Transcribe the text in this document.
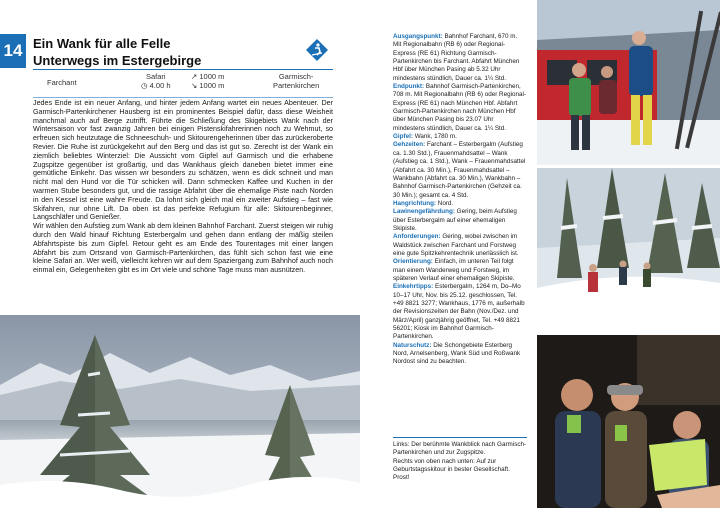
14 Ein Wank für alle Felle
Unterwegs im Estergebirge
Farchant
Safari
◷ 4.00 h
↗ 1000 m
↘ 1000 m
Garmisch-
Partenkirchen

Jedes Ende ist ein neuer Anfang, und hinter jedem Anfang wartet ein neues Abenteuer. Der Garmisch-Partenkirchener Hausberg ist ein prominentes Beispiel dafür, dass diese Weisheit manchmal auch auf Berge zutrifft. Führte die Schließung des Skigebiets Wank nach der Wintersaison vor fast zwanzig Jahren bei einigen Pistenskifahrerinnen noch zu Wehmut, so erfreuen sich heutzutage die Schneeschuh- und Skitourengeherinnen über das zurückeroberte Revier. Die Ruhe ist zurückgekehrt auf den Berg und das ist gut so. Zerecht ist der Wank ein ziemlich beliebtes Winterziel: Die Aussicht vom Gipfel auf Garmisch und die erhabene Zugspitze gegenüber ist großartig, und das Wankhaus gleich daneben bietet immer eine gemütliche Einkehr. Das wissen wir besonders zu schätzen, wenn es dick schneit und man nicht mal den Hund vor die Tür schicken will. Dann schmecken Kaffee und Kuchen in der warmen Stube besonders gut, und die rassige Abfahrt über die ehemalige Piste nach Norden in den Kessel ist eine wahre Freude. Da lohnt sich gleich mal ein zweiter Aufstieg – fast wie Skifahren, nur ohne Lift. Da oben ist das perfekte Refugium für alle: Skitourenbeginner, Langschläfer und Genießer.

Wir wählen den Aufstieg zum Wank ab dem kleinen Bahnhof Farchant. Zuerst steigen wir ruhig durch den Wald hinauf Richtung Esterbergalm und gehen dann entlang der mäßig steilen Abfahrtspiste bis zum Gipfel. Retour geht es am Ende des Tourentages mit einer langen Abfahrt bis zum Ortsrand von Garmisch-Partenkirchen, das fühlt sich schon fast wie eine kleine Safari an. Wer weiß, vielleicht kehren wir auf dem Spaziergang zum Bahnhof auch noch einmal ein, Gelegenheiten gibt es im Ort viele und schöne Tage muss man ausnützen.

Ausgangspunkt: Bahnhof Farchant, 670 m. Mit Regionalbahn (RB 6) oder Regional-Express (RE 61) Richtung Garmisch-Partenkirchen bis Farchant. Abfahrt München Hbf über München Pasing ab 5.32 Uhr mindestens stündlich, Dauer ca. 1¼ Std.

Endpunkt: Bahnhof Garmisch-Partenkirchen, 708 m. Mit Regionalbahn (RB 6) oder Regional-Express (RE 61) nach München Hbf. Abfahrt Garmisch-Partenkirchen nach München Hbf über München Pasing bis 23.07 Uhr mindestens stündlich, Dauer ca. 1¼ Std.

Gipfel: Wank, 1780 m.

Gehzeiten: Farchant – Esterbergalm (Aufstieg ca. 1.30 Std.), Frauenmahdsattel – Wank (Aufstieg ca. 1 Std.), Wank – Frauenmahdsattel (Abfahrt ca. 30 Min.), Frauenmahdsattel – Wankbahn (Abfahrt ca. 30 Min.), Wankbahn – Bahnhof Garmisch-Partenkirchen (Gehzeit ca. 30 Min.); gesamt ca. 4 Std.

Hangrichtung: Nord.

Lawinengefährdung: Gering, beim Aufstieg über Esterbergalm auf einer ehemaligen Skipiste.

Anforderungen: Gering, wobei zwischen im Waldstück zwischen Farchant und Forstweg eine gute Spitzkehrentechnik unerlässlich ist.

Orientierung: Einfach, im unteren Teil folgt man einem Wanderweg und Forstweg, im späteren Verlauf einer ehemaligen Skipiste.

Einkehrtipps: Esterbergalm, 1264 m, Do–Mo 10–17 Uhr, Nov. bis 25.12. geschlossen, Tel. +49 8821 3277; Wankhaus, 1776 m, außerhalb der Revisionszeiten der Bahn (Nov./Dez. und März/April) ganzjährig geöffnet, Tel. +49 8821 56201; Kiosk im Bahnhof Garmisch-Partenkirchen.

Naturschutz: Die Schongebiete Esterberg Nord, Arnelsenberg, Wank Süd und Roßwank Nordost sind zu beachten.

Links: Der berühmte Wankblick nach Garmisch-Partenkirchen und zur Zugspitze.
Rechts von oben nach unten: Auf zur Geburtstagsskitour in bester Gesellschaft. Prost!
